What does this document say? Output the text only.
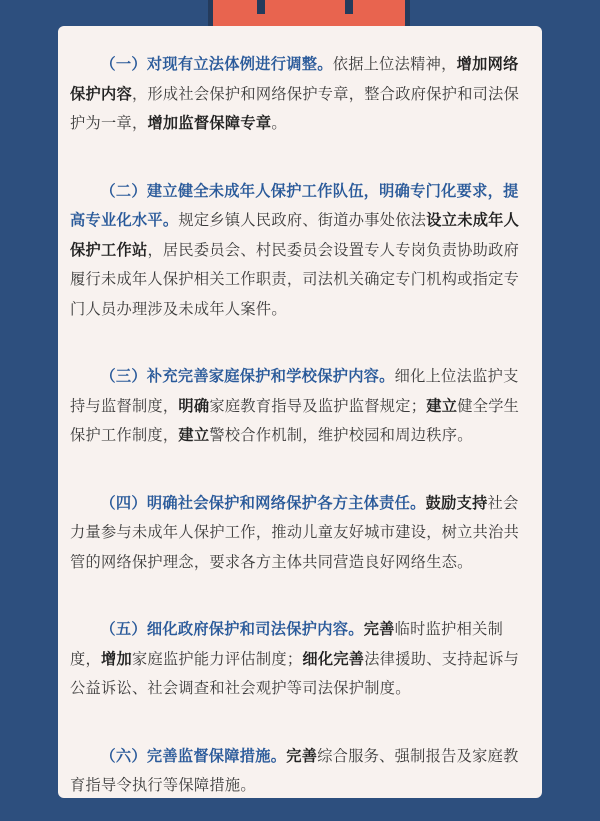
（一）对现有立法体例进行调整。依据上位法精神，增加网络保护内容，形成社会保护和网络保护专章，整合政府保护和司法保护为一章，增加监督保障专章。

（二）建立健全未成年人保护工作队伍，明确专门化要求，提高专业化水平。规定乡镇人民政府、街道办事处依法设立未成年人保护工作站，居民委员会、村民委员会设置专人专岗负责协助政府履行未成年人保护相关工作职责，司法机关确定专门机构或指定专门人员办理涉及未成年人案件。

（三）补充完善家庭保护和学校保护内容。细化上位法监护支持与监督制度，明确家庭教育指导及监护监督规定；建立健全学生保护工作制度，建立警校合作机制，维护校园和周边秩序。

（四）明确社会保护和网络保护各方主体责任。鼓励支持社会力量参与未成年人保护工作，推动儿童友好城市建设，树立共治共管的网络保护理念，要求各方主体共同营造良好网络生态。

（五）细化政府保护和司法保护内容。完善临时监护相关制度，增加家庭监护能力评估制度；细化完善法律援助、支持起诉与公益诉讼、社会调查和社会观护等司法保护制度。

（六）完善监督保障措施。完善综合服务、强制报告及家庭教育指导令执行等保障措施。
